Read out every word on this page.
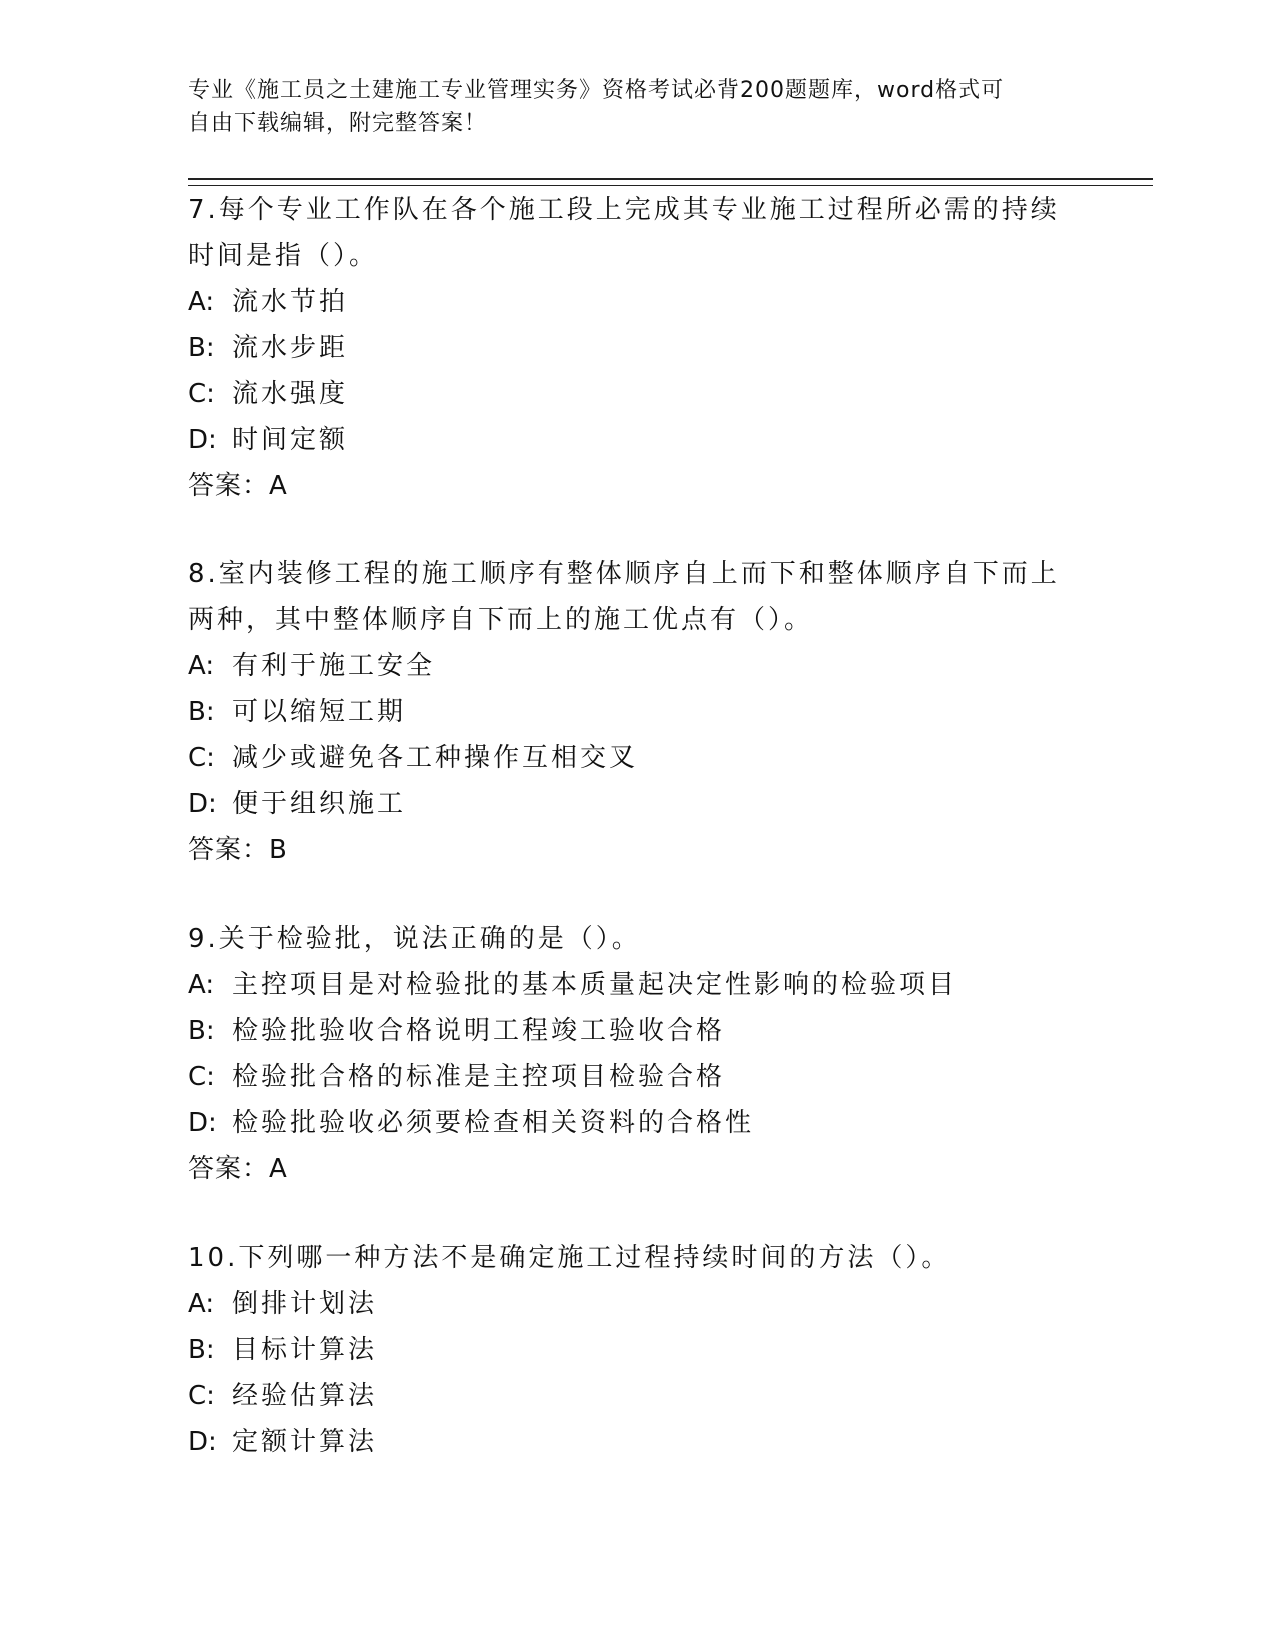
专业《施工员之土建施工专业管理实务》资格考试必背200题题库，word格式可
自由下载编辑，附完整答案！
7.每个专业工作队在各个施工段上完成其专业施工过程所必需的持续
时间是指（）。
A: 流水节拍
B: 流水步距
C: 流水强度
D: 时间定额
答案：A
8.室内装修工程的施工顺序有整体顺序自上而下和整体顺序自下而上
两种，其中整体顺序自下而上的施工优点有（）。
A: 有利于施工安全
B: 可以缩短工期
C: 减少或避免各工种操作互相交叉
D: 便于组织施工
答案：B
9.关于检验批，说法正确的是（）。
A: 主控项目是对检验批的基本质量起决定性影响的检验项目
B: 检验批验收合格说明工程竣工验收合格
C: 检验批合格的标准是主控项目检验合格
D: 检验批验收必须要检查相关资料的合格性
答案：A
10.下列哪一种方法不是确定施工过程持续时间的方法（）。
A: 倒排计划法
B: 目标计算法
C: 经验估算法
D: 定额计算法
